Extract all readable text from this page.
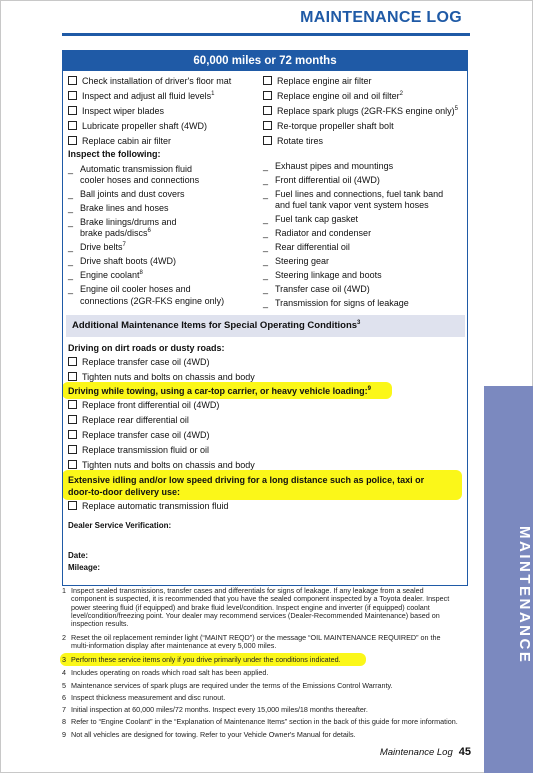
MAINTENANCE LOG
MAINTENANCE
60,000 miles or 72 months
Check installation of driver's floor mat
Inspect and adjust all fluid levels$^1$
Inspect wiper blades
Lubricate propeller shaft (4WD)
Replace cabin air filter
Replace engine air filter
Replace engine oil and oil filter$^2$
Replace spark plugs (2GR-FKS engine only)$^5$
Re-torque propeller shaft bolt
Rotate tires
Inspect the following:
_ Automatic transmission fluid
cooler hoses and connections
_ Ball joints and dust covers
_ Brake lines and hoses
_ Brake linings/drums and
brake pads/discs$^6$
_ Drive belts$^7$
_ Drive shaft boots (4WD)
_ Engine coolant$^8$
_ Engine oil cooler hoses and
connections (2GR-FKS engine only)
_ Exhaust pipes and mountings
_ Front differential oil (4WD)
_ Fuel lines and connections, fuel tank band
and fuel tank vapor vent system hoses
_ Fuel tank cap gasket
_ Radiator and condenser
_ Rear differential oil
_ Steering gear
_ Steering linkage and boots
_ Transfer case oil (4WD)
_ Transmission for signs of leakage
Additional Maintenance Items for Special Operating Conditions$^3$
Driving on dirt roads or dusty roads:
Replace transfer case oil (4WD)
Tighten nuts and bolts on chassis and body
Driving while towing, using a car-top carrier, or heavy vehicle loading:$^9$
Replace front differential oil (4WD)
Replace rear differential oil
Replace transfer case oil (4WD)
Replace transmission fluid or oil
Tighten nuts and bolts on chassis and body
Extensive idling and/or low speed driving for a long distance such as police, taxi or
door-to-door delivery use:
Replace automatic transmission fluid
Dealer Service Verification:
Date:
Mileage:
1 Inspect sealed transmissions, transfer cases and differentials for signs of leakage. If any leakage from a sealed
component is suspected, it is recommended that you have the sealed component inspected by a Toyota dealer. Inspect
power steering fluid (if equipped) and brake fluid level/condition. Inspect engine and inverter (if equipped) coolant
level/condition/freezing point. Your dealer may recommend services (Dealer-Recommended Maintenance) based on
inspection results.
2 Reset the oil replacement reminder light (“MAINT REQD”) or the message “OIL MAINTENANCE REQUIRED” on the
multi-information display after maintenance at every 5,000 miles.
3 Perform these service items only if you drive primarily under the conditions indicated.
4 Includes operating on roads which road salt has been applied.
5 Maintenance services of spark plugs are required under the terms of the Emissions Control Warranty.
6 Inspect thickness measurement and disc runout.
7 Initial inspection at 60,000 miles/72 months. Inspect every 15,000 miles/18 months thereafter.
8 Refer to “Engine Coolant” in the “Explanation of Maintenance Items” section in the back of this guide for more information.
9 Not all vehicles are designed for towing. Refer to your Vehicle Owner's Manual for details.
Maintenance Log 45
